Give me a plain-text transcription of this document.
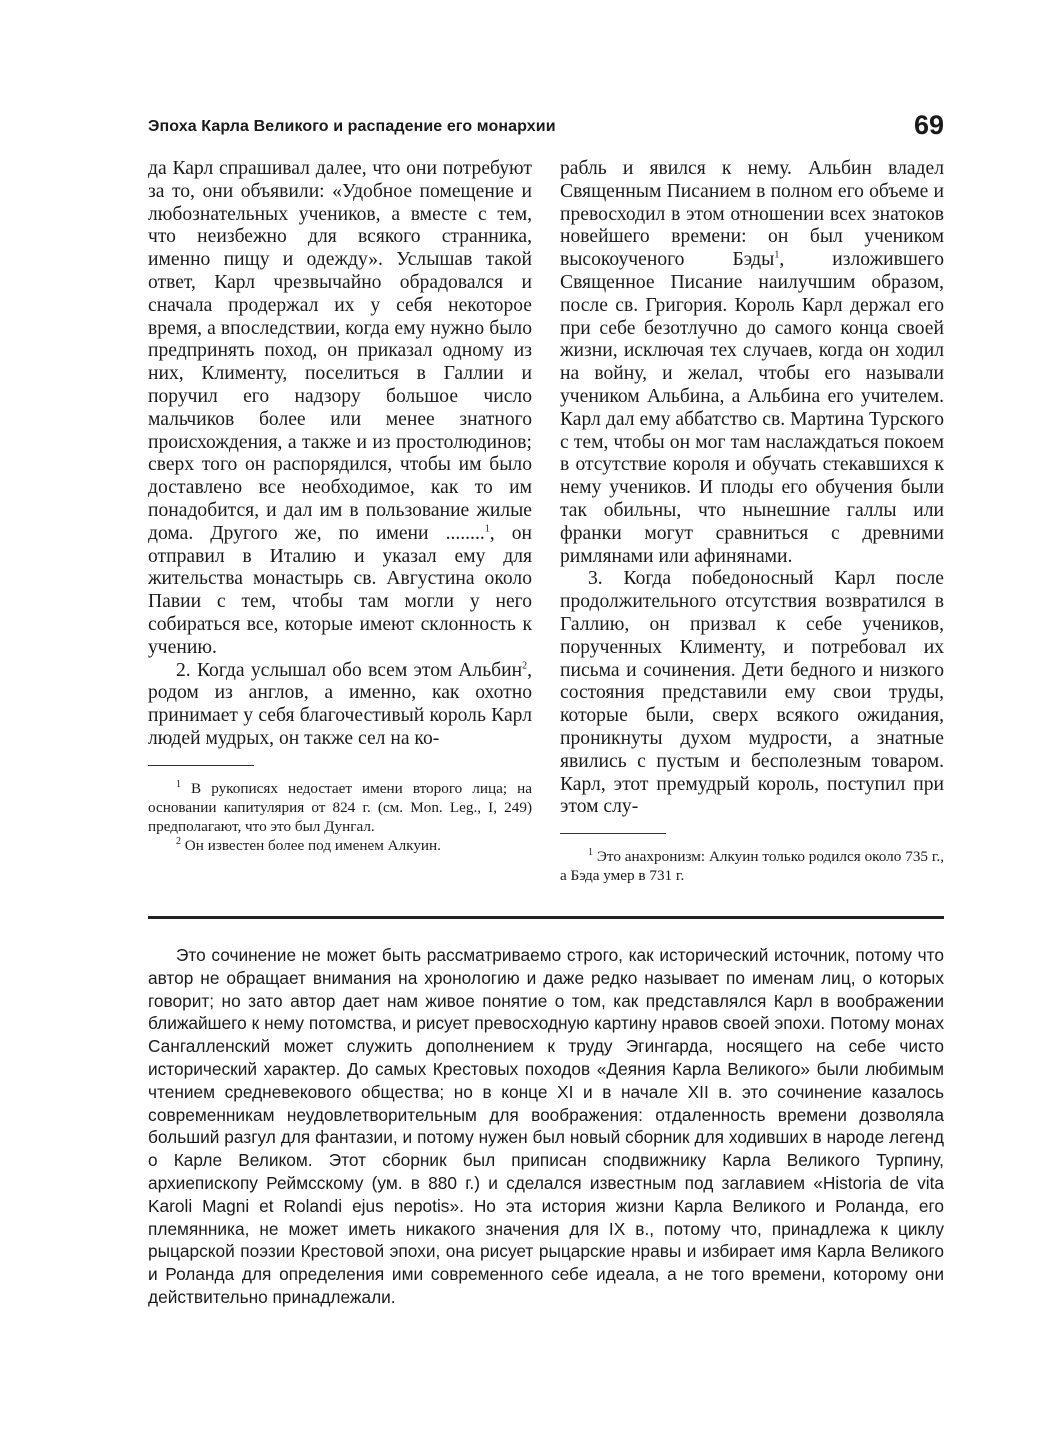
Эпоха Карла Великого и распадение его монархии	69

да Карл спрашивал далее, что они потребуют за то, они объявили: «Удобное помещение и любознательных учеников, а вместе с тем, что неизбежно для всякого странника, именно пищу и одежду». Услышав такой ответ, Карл чрезвычайно обрадовался и сначала продержал их у себя некоторое время, а впоследствии, когда ему нужно было предпринять поход, он приказал одному из них, Клименту, поселиться в Галлии и поручил его надзору большое число мальчиков более или менее знатного происхождения, а также и из простолюдинов; сверх того он распорядился, чтобы им было доставлено все необходимое, как то им понадобится, и дал им в пользование жилые дома. Другого же, по имени ........$^1$, он отправил в Италию и указал ему для жительства монастырь св. Августина около Павии с тем, чтобы там могли у него собираться все, которые имеют склонность к учению.

2. Когда услышал обо всем этом Альбин$^2$, родом из англов, а именно, как охотно принимает у себя благочестивый король Карл людей мудрых, он также сел на ко-

$^1$ В рукописях недостает имени второго лица; на основании капитулярия от 824 г. (см. Mon. Leg., I, 249) предполагают, что это был Дунгал.

$^2$ Он известен более под именем Алкуин.

рабль и явился к нему. Альбин владел Священным Писанием в полном его объеме и превосходил в этом отношении всех знатоков новейшего времени: он был учеником высокоученого Бэды$^1$, изложившего Священное Писание наилучшим образом, после св. Григория. Король Карл держал его при себе безотлучно до самого конца своей жизни, исключая тех случаев, когда он ходил на войну, и желал, чтобы его называли учеником Альбина, а Альбина его учителем. Карл дал ему аббатство св. Мартина Турского с тем, чтобы он мог там наслаждаться покоем в отсутствие короля и обучать стекавшихся к нему учеников. И плоды его обучения были так обильны, что нынешние галлы или франки могут сравниться с древними римлянами или афинянами.

3. Когда победоносный Карл после продолжительного отсутствия возвратился в Галлию, он призвал к себе учеников, порученных Клименту, и потребовал их письма и сочинения. Дети бедного и низкого состояния представили ему свои труды, которые были, сверх всякого ожидания, проникнуты духом мудрости, а знатные явились с пустым и бесполезным товаром. Карл, этот премудрый король, поступил при этом слу-

$^1$ Это анахронизм: Алкуин только родился около 735 г., а Бэда умер в 731 г.

Это сочинение не может быть рассматриваемо строго, как исторический источник, потому что автор не обращает внимания на хронологию и даже редко называет по именам лиц, о которых говорит; но зато автор дает нам живое понятие о том, как представлялся Карл в воображении ближайшего к нему потомства, и рисует превосходную картину нравов своей эпохи. Потому монах Сангалленский может служить дополнением к труду Эгингарда, носящего на себе чисто исторический характер. До самых Крестовых походов «Деяния Карла Великого» были любимым чтением средневекового общества; но в конце XI и в начале XII в. это сочинение казалось современникам неудовлетворительным для воображения: отдаленность времени дозволяла больший разгул для фантазии, и потому нужен был новый сборник для ходивших в народе легенд о Карле Великом. Этот сборник был приписан сподвижнику Карла Великого Турпину, архиепископу Реймсскому (ум. в 880 г.) и сделался известным под заглавием «Historia de vita Karoli Magni et Rolandi ejus nepotis». Но эта история жизни Карла Великого и Роланда, его племянника, не может иметь никакого значения для IX в., потому что, принадлежа к циклу рыцарской поэзии Крестовой эпохи, она рисует рыцарские нравы и избирает имя Карла Великого и Роланда для определения ими современного себе идеала, а не того времени, которому они действительно принадлежали.
